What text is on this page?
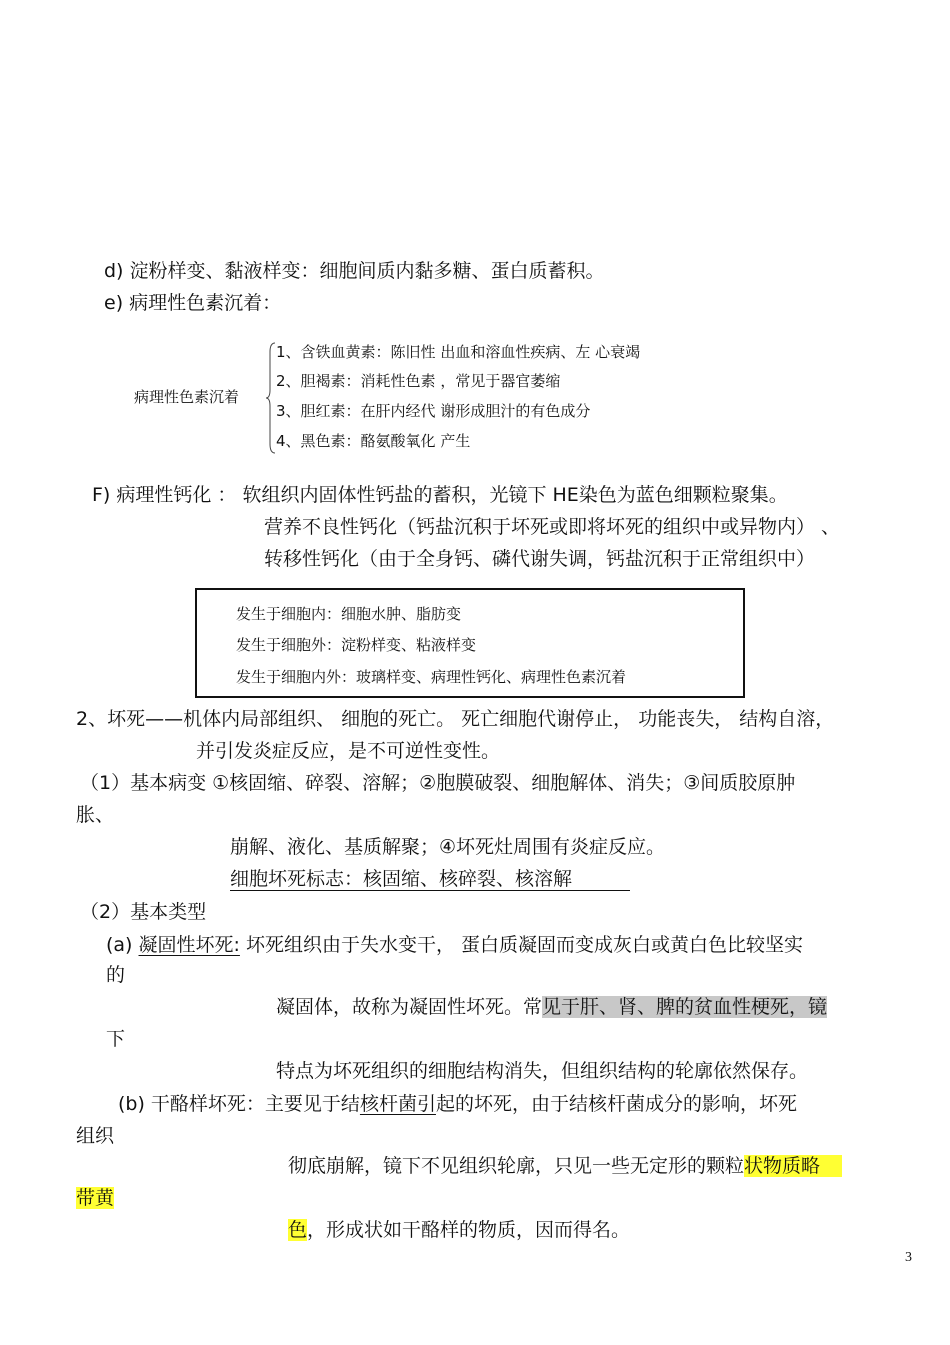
d) 淀粉样变、黏液样变：细胞间质内黏多糖、蛋白质蓄积。
e) 病理性色素沉着：
病理性色素沉着
1、含铁血黄素：陈旧性 出血和溶血性疾病、左 心衰竭
2、胆褐素：消耗性色素 ，常见于器官萎缩
3、胆红素：在肝内经代 谢形成胆汁的有色成分
4、黑色素：酪氨酸氧化 产生
F) 病理性钙化 ： 软组织内固体性钙盐的蓄积，光镜下 HE染色为蓝色细颗粒聚集。
营养不良性钙化（钙盐沉积于坏死或即将坏死的组织中或异物内） 、
转移性钙化（由于全身钙、磷代谢失调，钙盐沉积于正常组织中）
发生于细胞内：细胞水肿、脂肪变
发生于细胞外：淀粉样变、粘液样变
发生于细胞内外：玻璃样变、病理性钙化、病理性色素沉着
2、坏死——机体内局部组织、 细胞的死亡。 死亡细胞代谢停止， 功能丧失， 结构自溶，
并引发炎症反应，是不可逆性变性。
（1）基本病变 ①核固缩、碎裂、溶解；②胞膜破裂、细胞解体、消失；③间质胶原肿
胀、
崩解、液化、基质解聚；④坏死灶周围有炎症反应。
细胞坏死标志：核固缩、核碎裂、核溶解
（2）基本类型
(a) 凝固性坏死: 坏死组织由于失水变干， 蛋白质凝固而变成灰白或黄白色比较坚实
的
凝固体，故称为凝固性坏死。常见于肝、肾、脾的贫血性梗死，镜
下
特点为坏死组织的细胞结构消失，但组织结构的轮廓依然保存。
(b) 干酪样坏死：主要见于结核杆菌引起的坏死，由于结核杆菌成分的影响，坏死
组织
彻底崩解，镜下不见组织轮廓，只见一些无定形的颗粒状物质略
带黄
色，形成状如干酪样的物质，因而得名。
3
